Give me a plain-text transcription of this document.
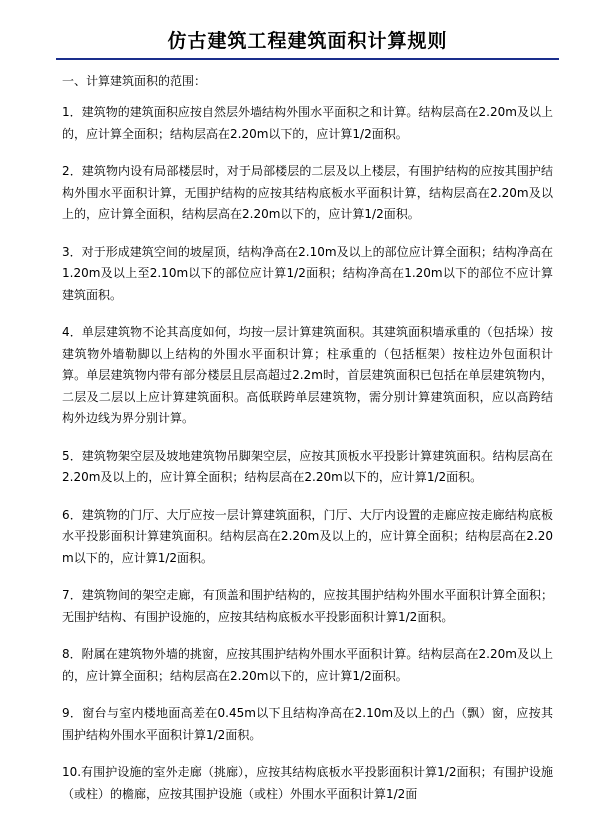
仿古建筑工程建筑面积计算规则
一、计算建筑面积的范围：

1．建筑物的建筑面积应按自然层外墙结构外围水平面积之和计算。结构层高在2.20m及以上的，应计算全面积；结构层高在2.20m以下的，应计算1/2面积。

2．建筑物内设有局部楼层时，对于局部楼层的二层及以上楼层，有围护结构的应按其围护结构外围水平面积计算，无围护结构的应按其结构底板水平面积计算，结构层高在2.20m及以上的，应计算全面积，结构层高在2.20m以下的，应计算1/2面积。

3．对于形成建筑空间的坡屋顶，结构净高在2.10m及以上的部位应计算全面积；结构净高在1.20m及以上至2.10m以下的部位应计算1/2面积；结构净高在1.20m以下的部位不应计算建筑面积。

4．单层建筑物不论其高度如何，均按一层计算建筑面积。其建筑面积墙承重的（包括垛）按建筑物外墙勒脚以上结构的外围水平面积计算；柱承重的（包括框架）按柱边外包面积计算。单层建筑物内带有部分楼层且层高超过2.2m时，首层建筑面积已包括在单层建筑物内，二层及二层以上应计算建筑面积。高低联跨单层建筑物，需分别计算建筑面积，应以高跨结构外边线为界分别计算。

5．建筑物架空层及坡地建筑物吊脚架空层，应按其顶板水平投影计算建筑面积。结构层高在2.20m及以上的，应计算全面积；结构层高在2.20m以下的，应计算1/2面积。

6．建筑物的门厅、大厅应按一层计算建筑面积，门厅、大厅内设置的走廊应按走廊结构底板水平投影面积计算建筑面积。结构层高在2.20m及以上的，应计算全面积；结构层高在2.20m以下的，应计算1/2面积。

7．建筑物间的架空走廊，有顶盖和围护结构的，应按其围护结构外围水平面积计算全面积；无围护结构、有围护设施的，应按其结构底板水平投影面积计算1/2面积。

8．附属在建筑物外墙的挑窗，应按其围护结构外围水平面积计算。结构层高在2.20m及以上的，应计算全面积；结构层高在2.20m以下的，应计算1/2面积。

9．窗台与室内楼地面高差在0.45m以下且结构净高在2.10m及以上的凸（飘）窗，应按其围护结构外围水平面积计算1/2面积。

10.有围护设施的室外走廊（挑廊），应按其结构底板水平投影面积计算1/2面积；有围护设施（或柱）的檐廊，应按其围护设施（或柱）外围水平面积计算1/2面
